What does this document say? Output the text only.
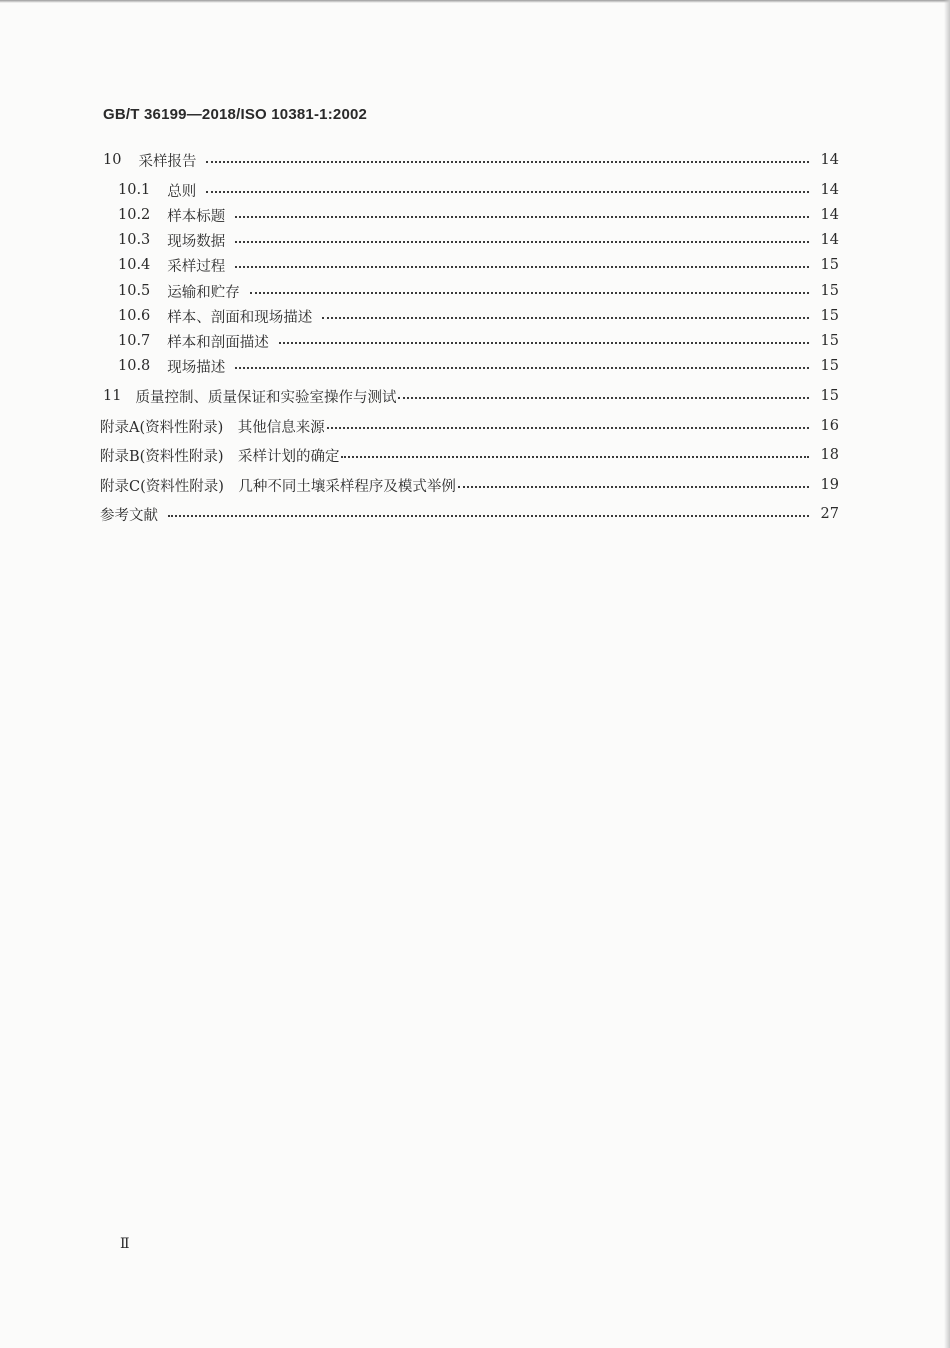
GB/T 36199—2018/ISO 10381-1:2002
10 采样报告	14
10.1 总则	14
10.2 样本标题	14
10.3 现场数据	14
10.4 采样过程	15
10.5 运输和贮存	15
10.6 样本、剖面和现场描述	15
10.7 样本和剖面描述	15
10.8 现场描述	15
11 质量控制、质量保证和实验室操作与测试	15
附录A (资料性附录)　其他信息来源	16
附录B (资料性附录)　采样计划的确定	18
附录C (资料性附录)　几种不同土壤采样程序及模式举例	19
参考文献	27
Ⅱ
